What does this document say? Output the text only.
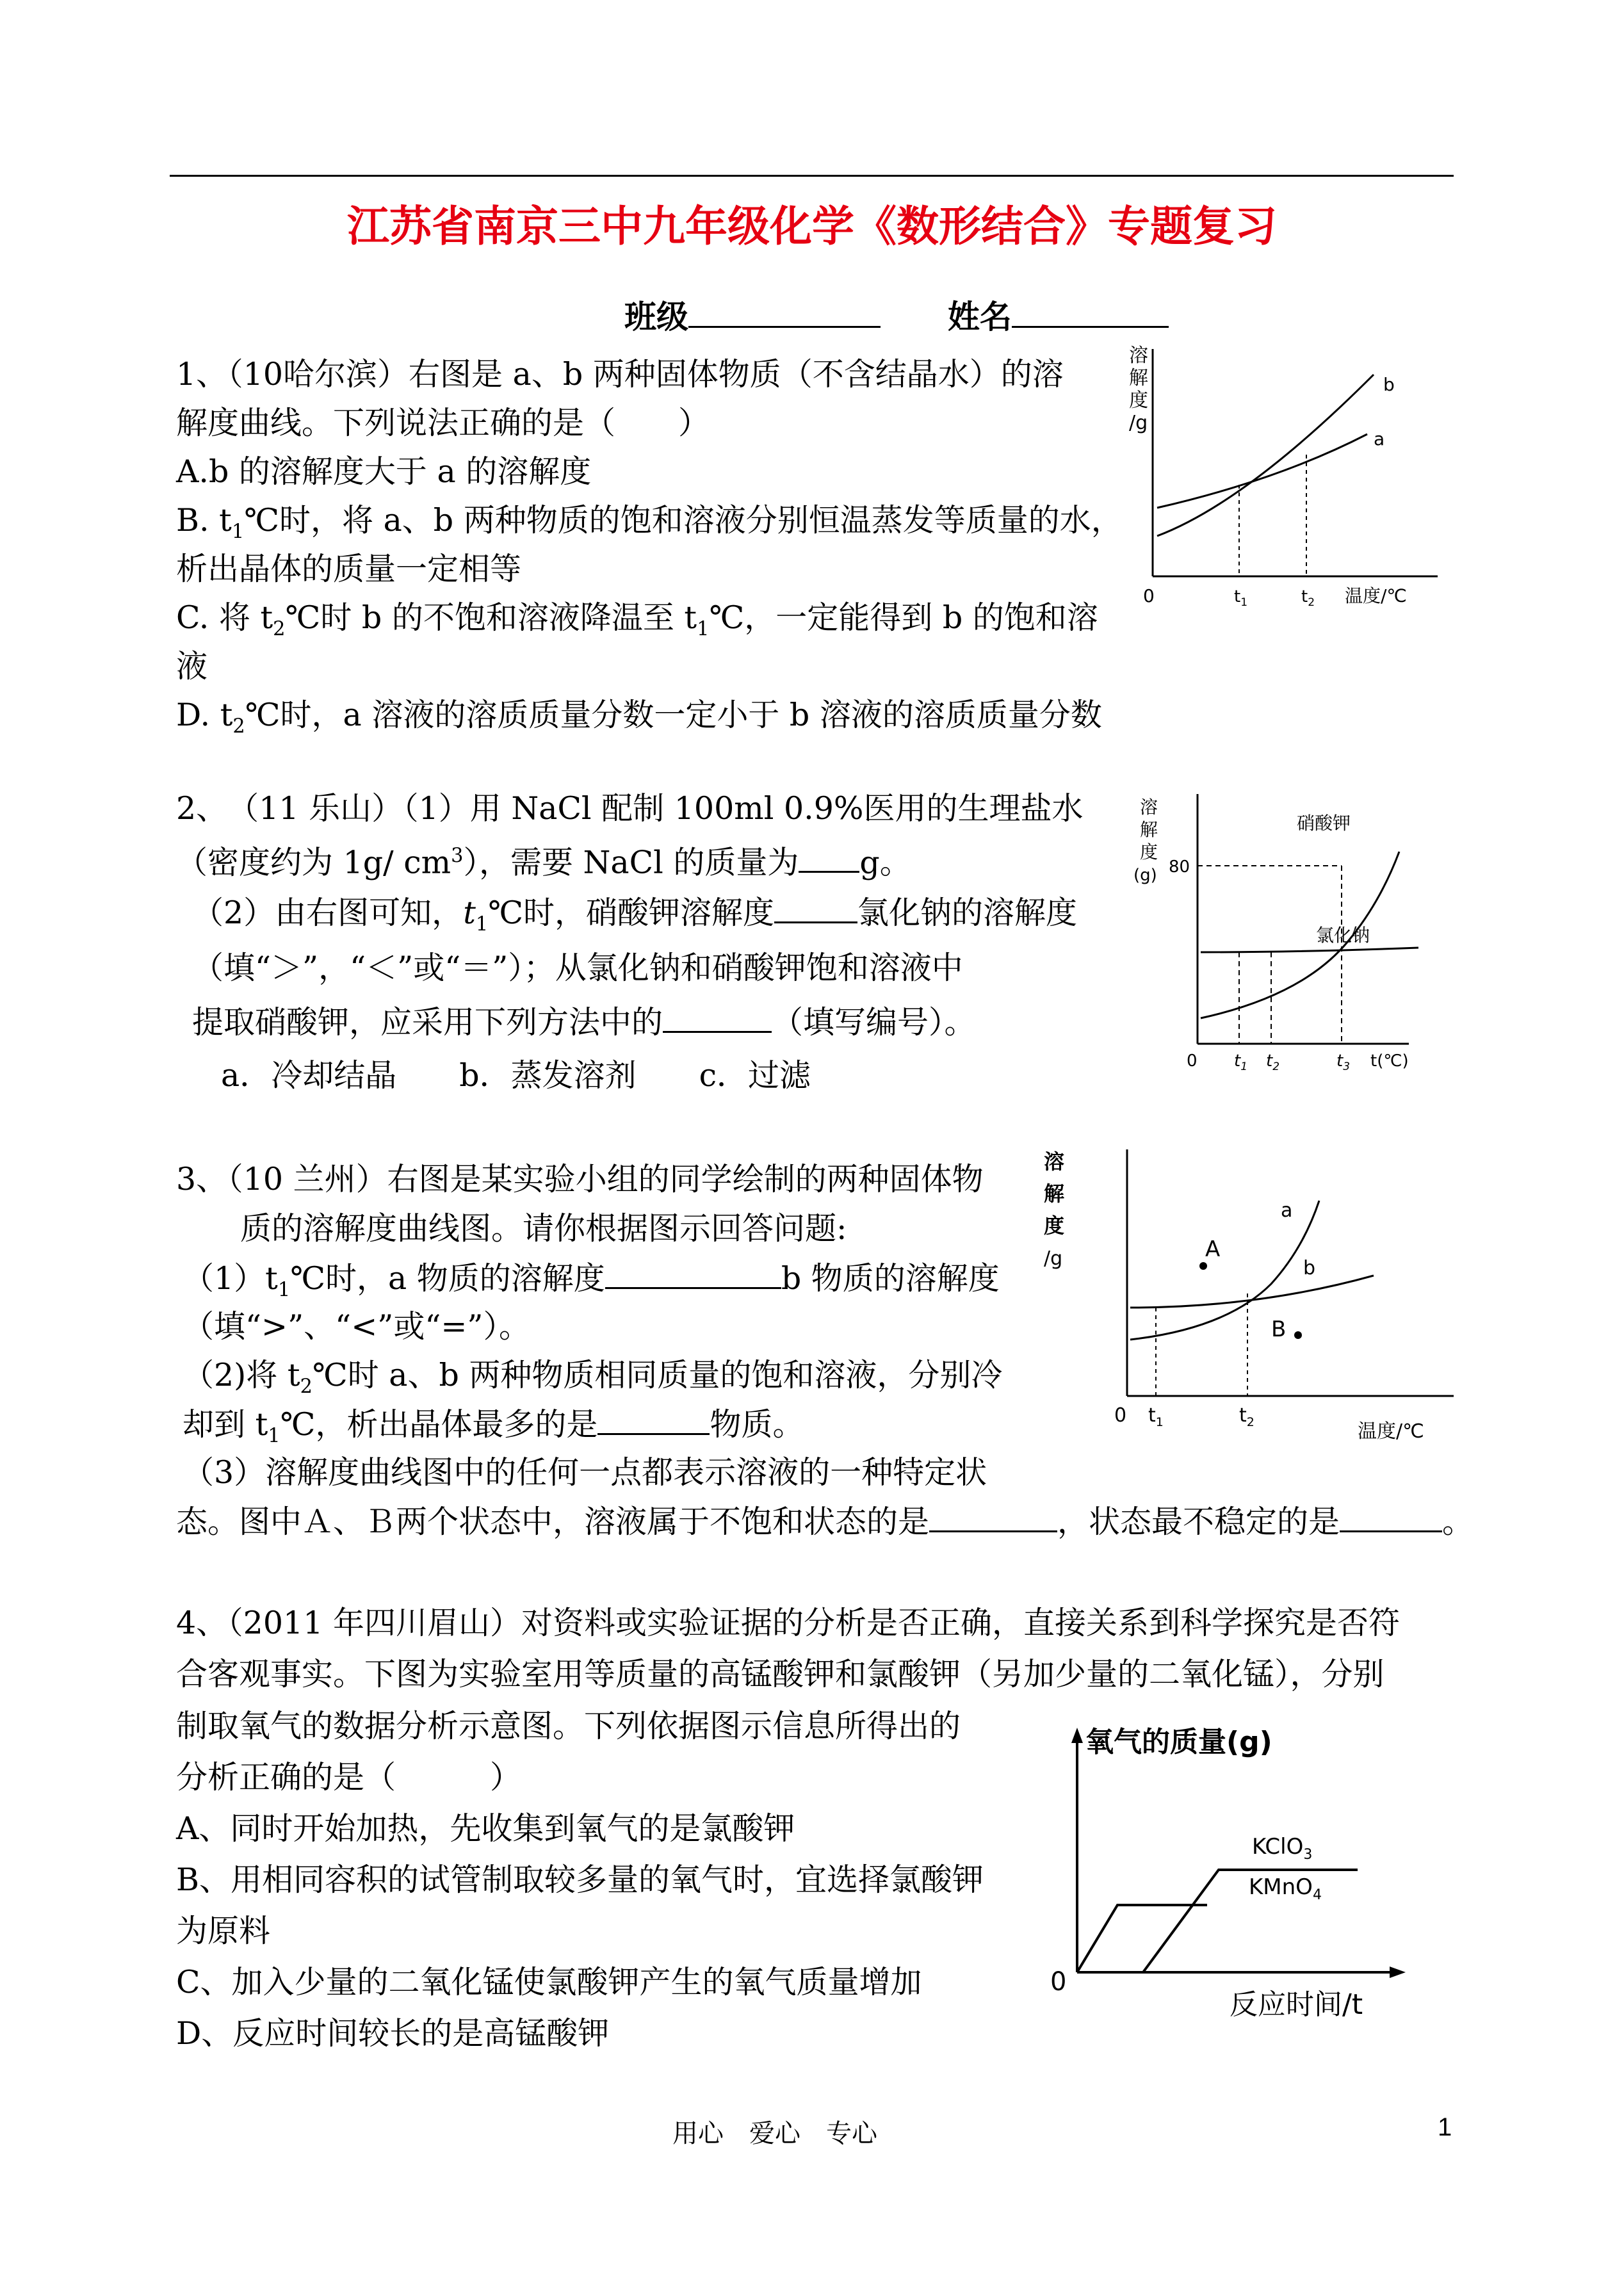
江苏省南京三中九年级化学《数形结合》专题复习
班级	姓名
1、（10哈尔滨）右图是 a、b 两种固体物质（不含结晶水）的溶
解度曲线。下列说法正确的是（　　）
A.b 的溶解度大于 a 的溶解度
B. $t_1℃$时，将 a、b 两种物质的饱和溶液分别恒温蒸发等质量的水，
析出晶体的质量一定相等
C. 将 $t_2℃$时 b 的不饱和溶液降温至 $t_1℃$，一定能得到 b 的饱和溶
液
D. $t_2℃$时，a 溶液的溶质质量分数一定小于 b 溶液的溶质质量分数
溶
解
度
/g
b
a
0	$t_1$	$t_2$ 温度/℃
2、　（11 乐山）（1）用 NaCl 配制 100ml 0.9%医用的生理盐水
（密度约为 1g/ $cm^3$），需要 NaCl 的质量为 g。
（2）由右图可知，$t_1℃$时，硝酸钾溶解度	氯化钠的溶解度
（填“＞”，“＜”或“＝”）；从氯化钠和硝酸钾饱和溶液中
提取硝酸钾，应采用下列方法中的	（填写编号）。
a．冷却结晶　　b．蒸发溶剂　　c．过滤
溶
解
度
(g)
硝酸钾
氯化钠
80
0 $t_1$ $t_2$	$t_3$ t(℃)
3、（10 兰州）右图是某实验小组的同学绘制的两种固体物
质的溶解度曲线图。请你根据图示回答问题:
$(1)t_1℃$时，a 物质的溶解度	b 物质的溶解度
（填“>”、“<”或“=”）。
（2)将 $t_2℃$时 a、b 两种物质相同质量的饱和溶液，分别冷
却到 $t_1℃$，析出晶体最多的是	物质。
（3）溶解度曲线图中的任何一点都表示溶液的一种特定状
态。图中Ａ、Ｂ两个状态中，溶液属于不饱和状态的是	，状态最不稳定的是	。
溶
解
度
/g	A
B
a
b
0 $t_1$	$t_2$	温度/℃
4、（2011 年四川眉山）对资料或实验证据的分析是否正确，直接关系到科学探究是否符
合客观事实。下图为实验室用等质量的高锰酸钾和氯酸钾（另加少量的二氧化锰），分别
制取氧气的数据分析示意图。下列依据图示信息所得出的
分析正确的是（　　　）
A、同时开始加热，先收集到氧气的是氯酸钾
B、用相同容积的试管制取较多量的氧气时，宜选择氯酸钾
为原料
C、加入少量的二氧化锰使氯酸钾产生的氧气质量增加
D、反应时间较长的是高锰酸钾
氧气的质量(g)
KClO$_3$
KMnO$_4$
0
反应时间/t
用心　爱心　专心	1
